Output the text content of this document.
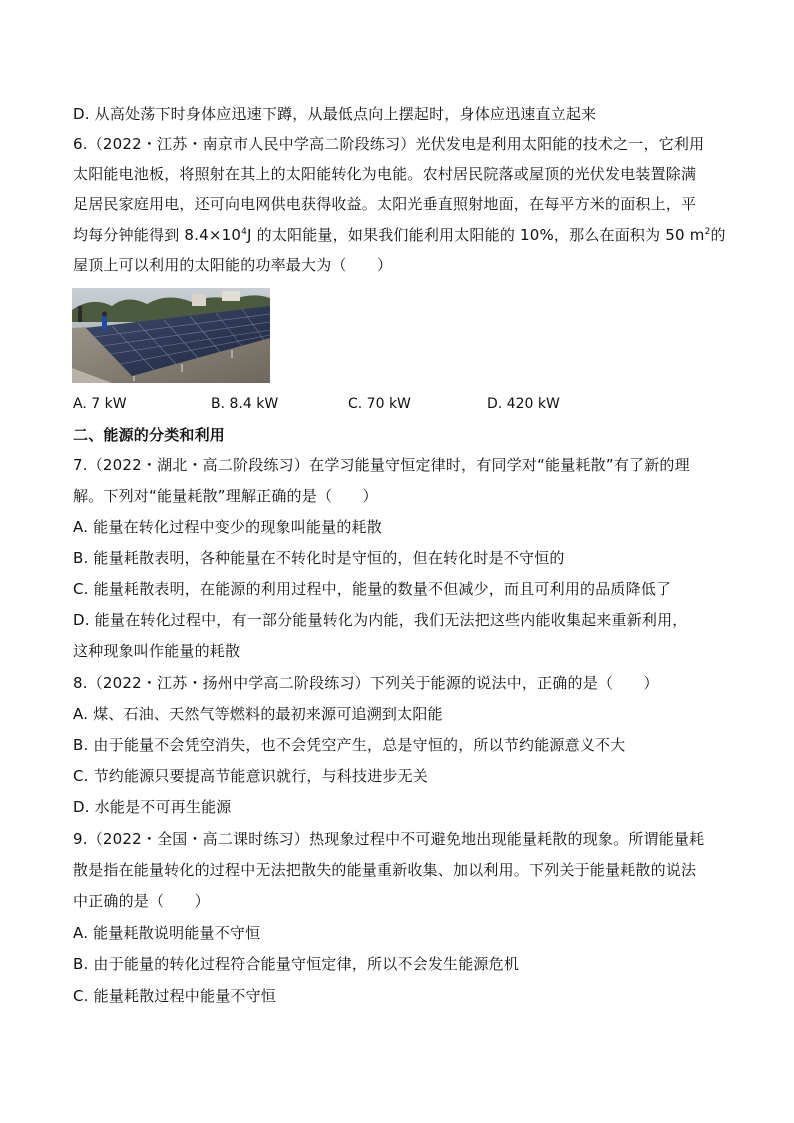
D. 从高处荡下时身体应迅速下蹲，从最低点向上摆起时，身体应迅速直立起来
6.（2022・江苏・南京市人民中学高二阶段练习）光伏发电是利用太阳能的技术之一，它利用
太阳能电池板，将照射在其上的太阳能转化为电能。农村居民院落或屋顶的光伏发电装置除满
足居民家庭用电，还可向电网供电获得收益。太阳光垂直照射地面，在每平方米的面积上，平
均每分钟能得到 $8.4\times 10^4J$ 的太阳能量，如果我们能利用太阳能的 10%，那么在面积为 50 $m^2$的
屋顶上可以利用的太阳能的功率最大为（　　）
A. 7 kW	B. 8.4 kW	C. 70 kW	D. 420 kW
二、能源的分类和利用
7.（2022・湖北・高二阶段练习）在学习能量守恒定律时，有同学对“能量耗散”有了新的理
解。下列对“能量耗散”理解正确的是（　　）
A. 能量在转化过程中变少的现象叫能量的耗散
B. 能量耗散表明，各种能量在不转化时是守恒的，但在转化时是不守恒的
C. 能量耗散表明，在能源的利用过程中，能量的数量不但减少，而且可利用的品质降低了
D. 能量在转化过程中，有一部分能量转化为内能，我们无法把这些内能收集起来重新利用，
这种现象叫作能量的耗散
8.（2022・江苏・扬州中学高二阶段练习）下列关于能源的说法中，正确的是（　　）
A. 煤、石油、天然气等燃料的最初来源可追溯到太阳能
B. 由于能量不会凭空消失，也不会凭空产生，总是守恒的，所以节约能源意义不大
C. 节约能源只要提高节能意识就行，与科技进步无关
D. 水能是不可再生能源
9.（2022・全国・高二课时练习）热现象过程中不可避免地出现能量耗散的现象。所谓能量耗
散是指在能量转化的过程中无法把散失的能量重新收集、加以利用。下列关于能量耗散的说法
中正确的是（　　）
A. 能量耗散说明能量不守恒
B. 由于能量的转化过程符合能量守恒定律，所以不会发生能源危机
C. 能量耗散过程中能量不守恒
